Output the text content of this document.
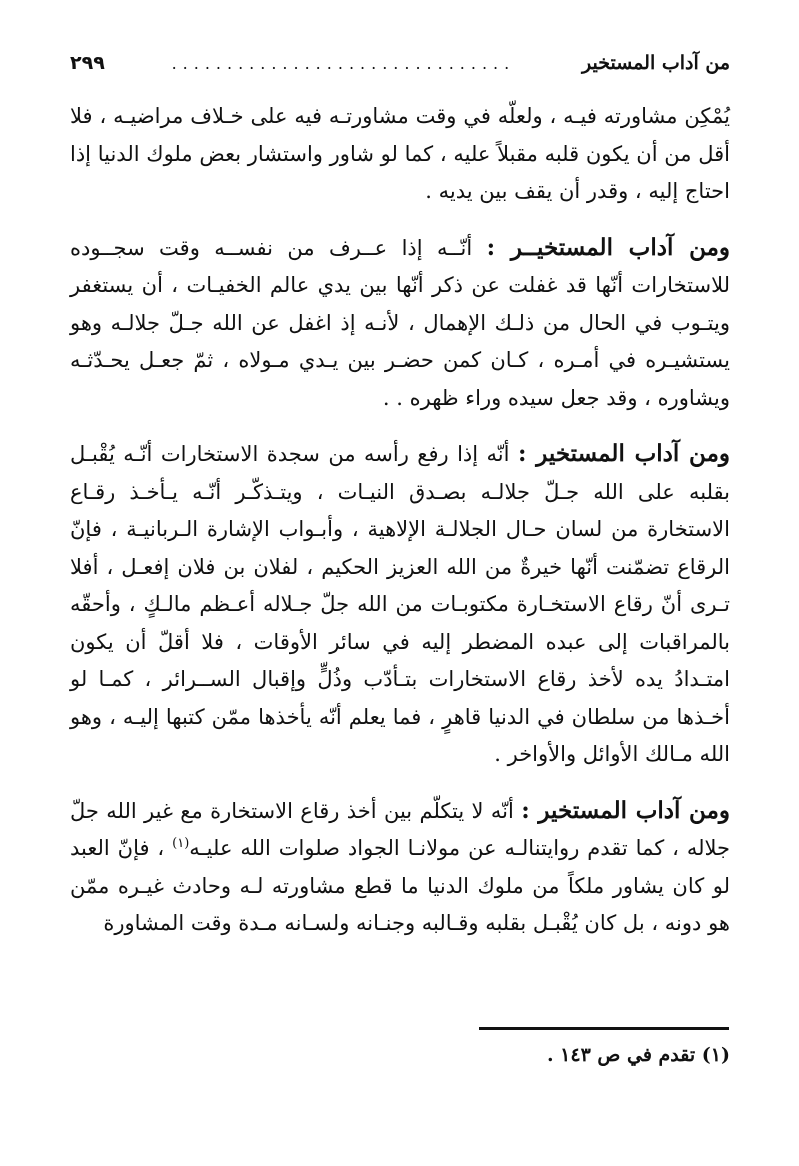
من آداب المستخير
...............................
٢٩٩

يُمْكِن مشاورته فيـه ، ولعلّه في وقت مشاورتـه فيه على خـلاف مراضيـه ، فلا أقل من أن يكون قلبه مقبلاً عليه ، كما لو شاور واستشار بعض ملوك الدنيا إذا احتاج إليه ، وقدر أن يقف بين يديه .

ومن آداب المستخيــر : أنّــه إذا عــرف من نفســه وقت سجــوده للاستخارات أنّها قد غفلت عن ذكر أنّها بين يدي عالم الخفيـات ، أن يستغفر ويتـوب في الحال من ذلـك الإهمال ، لأنـه إذ اغفل عن الله جـلّ جلالـه وهو يستشيـره في أمـره ، كـان كمن حضـر بين يـدي مـولاه ، ثمّ جعـل يحـدّثـه ويشاوره ، وقد جعل سيده وراء ظهره . .

ومن آداب المستخير : أنّه إذا رفع رأسه من سجدة الاستخارات أنّـه يُقْبـل بقلبه على الله جـلّ جلالـه بصـدق النيـات ، ويتـذكّـر أنّـه يـأخـذ رقـاع الاستخارة من لسان حـال الجلالـة الإلاهية ، وأبـواب الإشارة الـربانيـة ، فإنّ الرقاع تضمّنت أنّها خيرةٌ من الله العزيز الحكيم ، لفلان بن فلان إفعـل ، أفلا تـرى أنّ رقاع الاستخـارة مكتوبـات من الله جلّ جـلاله أعـظم مالـكٍ ، وأحقّه بالمراقبات إلى عبده المضطر إليه في سائر الأوقات ، فلا أقلّ أن يكون امتـدادُ يده لأخذ رقاع الاستخارات بتـأدّب وذُلٍّ وإقبال الســرائر ، كمـا لو أخـذها من سلطان في الدنيا قاهرٍ ، فما يعلم أنّه يأخذها ممّن كتبها إليـه ، وهو الله مـالك الأوائل والأواخر .

ومن آداب المستخير : أنّه لا يتكلّم بين أخذ رقاع الاستخارة مع غير الله جلّ جلاله ، كما تقدم روايتنالـه عن مولانـا الجواد صلوات الله عليـه$^{(١)}$ ، فإنّ العبد لو كان يشاور ملكاً من ملوك الدنيا ما قطع مشاورته لـه وحادث غيـره ممّن هو دونه ، بل كان يُقْبـل بقلبه وقـالبه وجنـانه ولسـانه مـدة وقت المشاورة

(١) تقدم في ص ١٤٣ .
